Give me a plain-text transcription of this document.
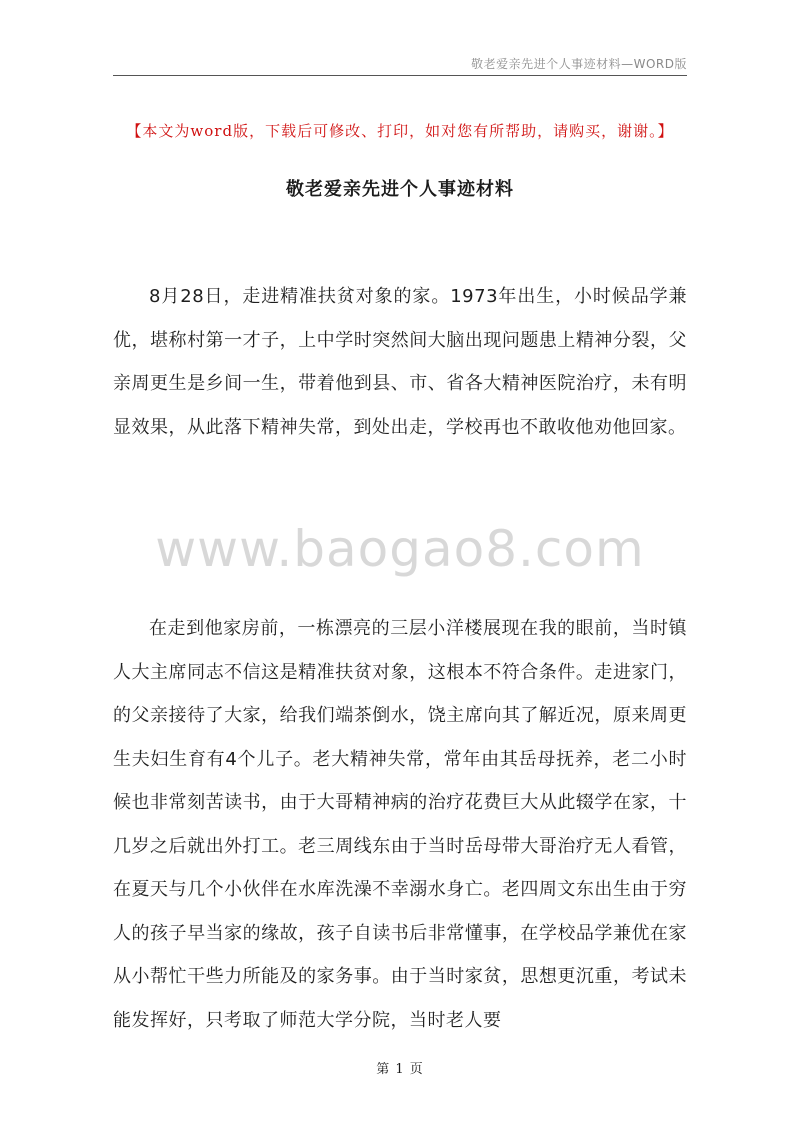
敬老爱亲先进个人事迹材料—WORD版
【本文为word版，下载后可修改、打印，如对您有所帮助，请购买，谢谢。】
敬老爱亲先进个人事迹材料

8月28日，走进精准扶贫对象的家。1973年出生，小时候品学兼优，堪称村第一才子，上中学时突然间大脑出现问题患上精神分裂，父亲周更生是乡间一生，带着他到县、市、省各大精神医院治疗，未有明显效果，从此落下精神失常，到处出走，学校再也不敢收他劝他回家。

www.baogao8.com

在走到他家房前，一栋漂亮的三层小洋楼展现在我的眼前，当时镇人大主席同志不信这是精准扶贫对象，这根本不符合条件。走进家门，的父亲接待了大家，给我们端茶倒水，饶主席向其了解近况，原来周更生夫妇生育有4个儿子。老大精神失常，常年由其岳母抚养，老二小时候也非常刻苦读书，由于大哥精神病的治疗花费巨大从此辍学在家，十几岁之后就出外打工。老三周线东由于当时岳母带大哥治疗无人看管，在夏天与几个小伙伴在水库洗澡不幸溺水身亡。老四周文东出生由于穷人的孩子早当家的缘故，孩子自读书后非常懂事，在学校品学兼优在家从小帮忙干些力所能及的家务事。由于当时家贫，思想更沉重，考试未能发挥好，只考取了师范大学分院，当时老人要

第 1 页
